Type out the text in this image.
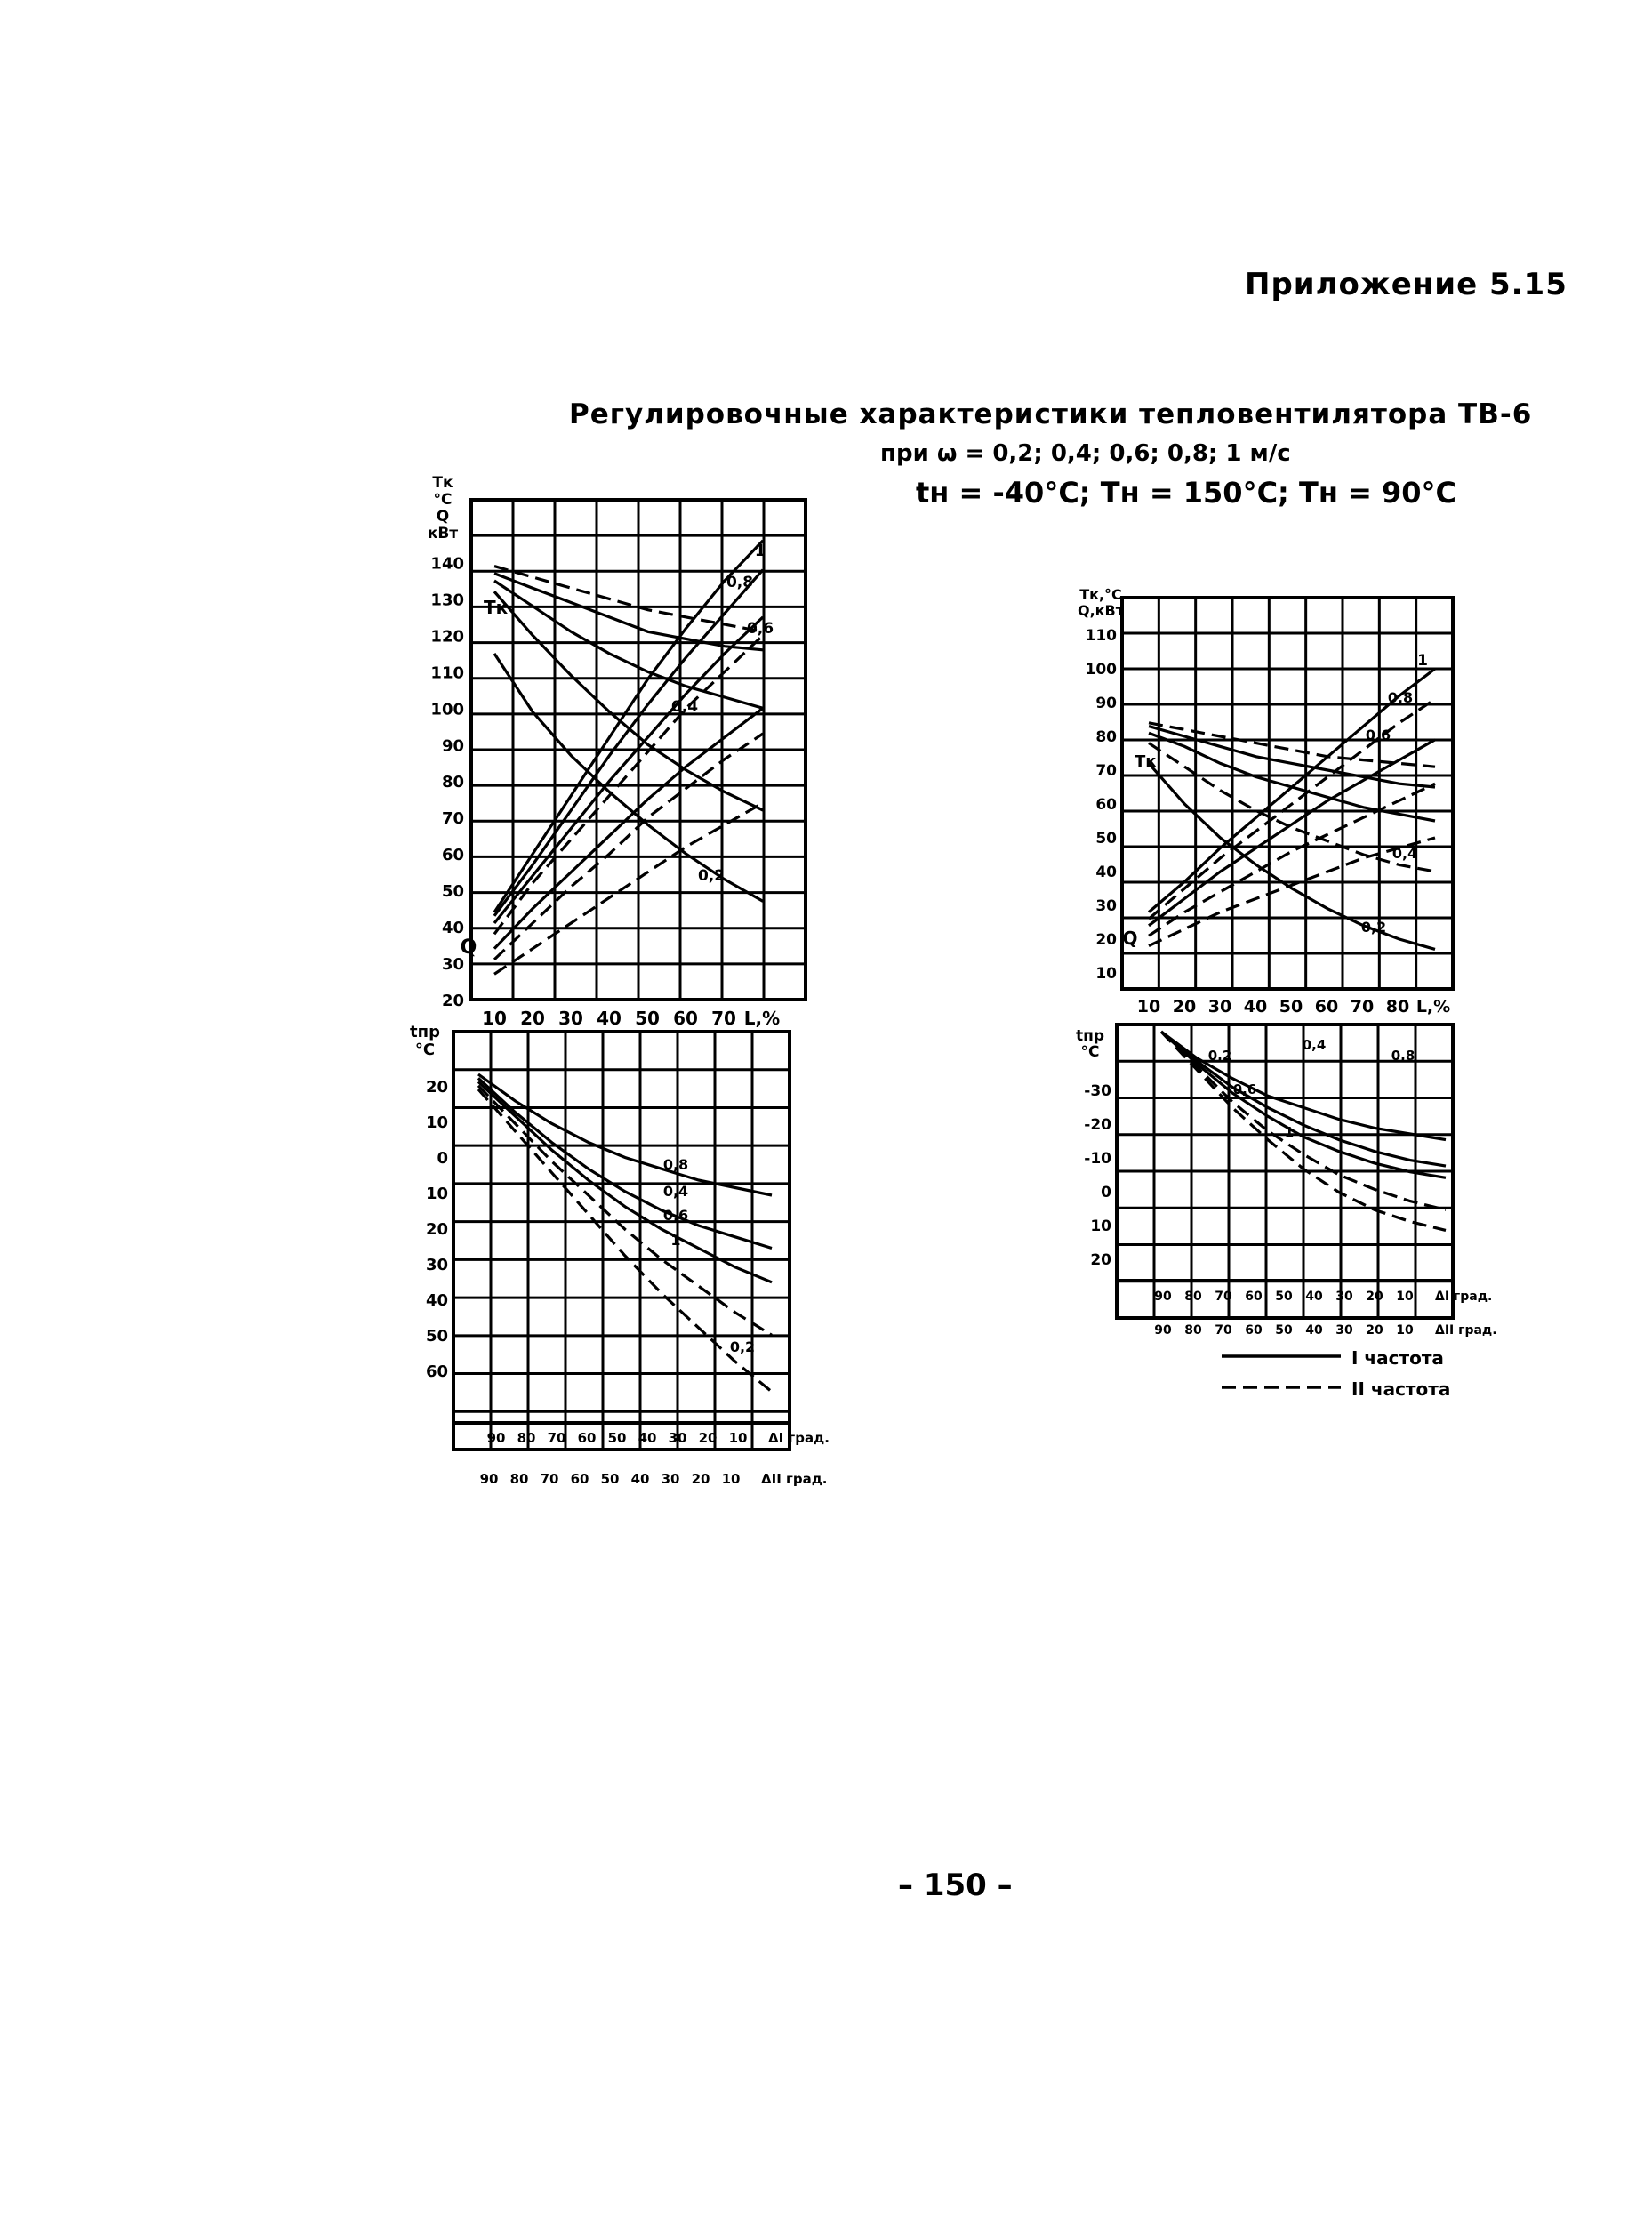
Приложение 5.15
Регулировочные характеристики тепловентилятора ТВ-6
при ω = 0,2; 0,4; 0,6; 0,8; 1 м/с
tн = -40°C; Тн = 150°C; Тн = 90°C
20
30
40
50
60
70
80
90
100
110
120
130
140
10 20 30 40 50 60 70 L,%
Тк
°С
Q
кВт
Тк
Q
1
0,8
0,6
0,4
0,2
20
10
0
10
20
30
40
50
60
90 80 70 60 50 40 30 20 10 ΔI град.
90 80 70 60 50 40 30 20 10 ΔII град.
tпр
°С
0,8
0,4
0,6
1
0,2
10
20
30
40
50
60
70
80
90
100
110
10 20 30 40 50 60 70 80 L,%
Тк,°С
Q,кВт
Тк
Q
1
0,8
0,6
0,4
0,2
-30
-20
-10
0
10
20
90 80 70 60 50 40 30 20 10 ΔI град.
90 80 70 60 50 40 30 20 10 ΔII град.
tпр
°С	0,2
0,4
0,6
0,8
1
I частота
II частота
– 150 –
